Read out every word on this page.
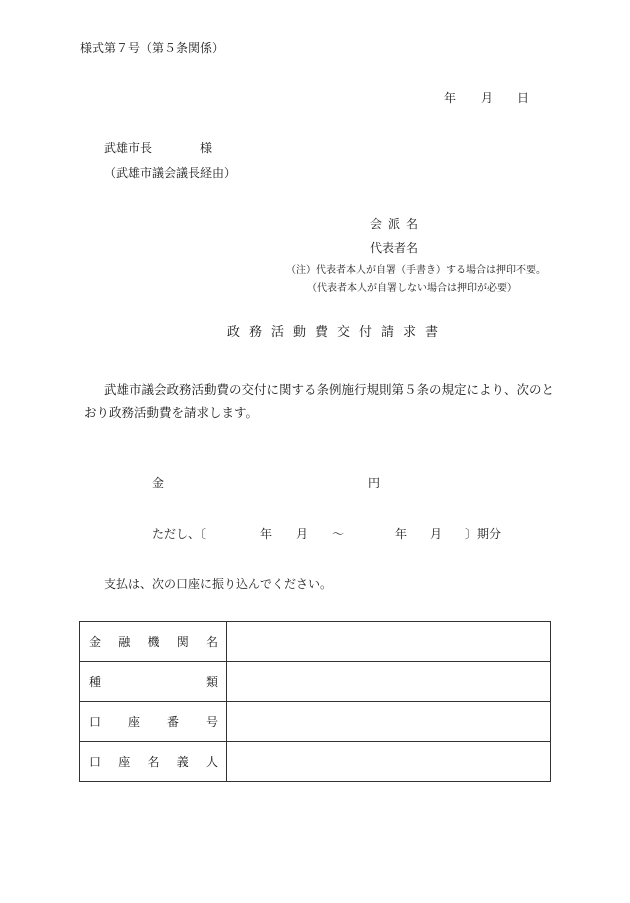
様式第７号（第５条関係）
年 月 日
武雄市長	様
（武雄市議会議長経由）
会派名
代表者名
（注）代表者本人が自署（手書き）する場合は押印不要。
（代表者本人が自署しない場合は押印が必要）
政務活動費交付請求書
武雄市議会政務活動費の交付に関する条例施行規則第５条の規定により、次のとおり政務活動費を請求します。
金	円
ただし、〔	年 月 ～	年 月 〕期分
支払は、次の口座に振り込んでください。
金 融 機 関 名	

種 類	

口 座 番 号	

口 座 名 義 人	
